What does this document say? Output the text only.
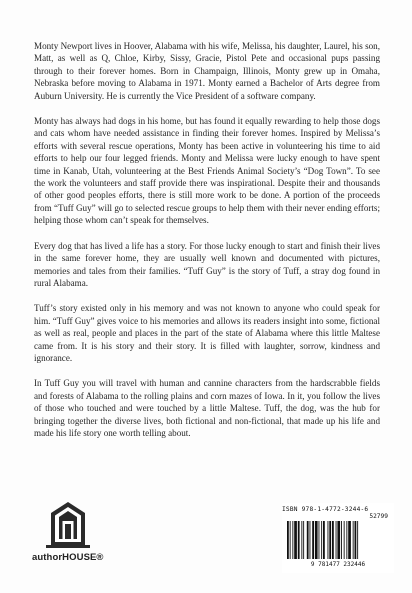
Monty Newport lives in Hoover, Alabama with his wife, Melissa, his daughter, Laurel, his son, Matt, as well as Q, Chloe, Kirby, Sissy, Gracie, Pistol Pete and occasional pups passing through to their forever homes. Born in Champaign, Illinois, Monty grew up in Omaha, Nebraska before moving to Alabama in 1971. Monty earned a Bachelor of Arts degree from Auburn University. He is currently the Vice President of a software company.

Monty has always had dogs in his home, but has found it equally rewarding to help those dogs and cats whom have needed assistance in finding their forever homes. Inspired by Melissa’s efforts with several rescue operations, Monty has been active in volunteering his time to aid efforts to help our four legged friends. Monty and Melissa were lucky enough to have spent time in Kanab, Utah, volunteering at the Best Friends Animal Society’s “Dog Town”. To see the work the volunteers and staff provide there was inspirational. Despite their and thousands of other good peoples efforts, there is still more work to be done. A portion of the proceeds from “Tuff Guy” will go to selected rescue groups to help them with their never ending efforts; helping those whom can’t speak for themselves.

Every dog that has lived a life has a story. For those lucky enough to start and finish their lives in the same forever home, they are usually well known and documented with pictures, memories and tales from their families. “Tuff Guy” is the story of Tuff, a stray dog found in rural Alabama.

Tuff’s story existed only in his memory and was not known to anyone who could speak for him. “Tuff Guy” gives voice to his memories and allows its readers insight into some, fictional as well as real, people and places in the part of the state of Alabama where this little Maltese came from. It is his story and their story. It is filled with laughter, sorrow, kindness and ignorance.

In Tuff Guy you will travel with human and cannine characters from the hardscrabble fields and forests of Alabama to the rolling plains and corn mazes of Iowa. In it, you follow the lives of those who touched and were touched by a little Maltese. Tuff, the dog, was the hub for bringing together the diverse lives, both fictional and non-fictional, that made up his life and made his life story one worth telling about.

authorHOUSE®
ISBN 978-1-4772-3244-6
52799
9 781477 232446
